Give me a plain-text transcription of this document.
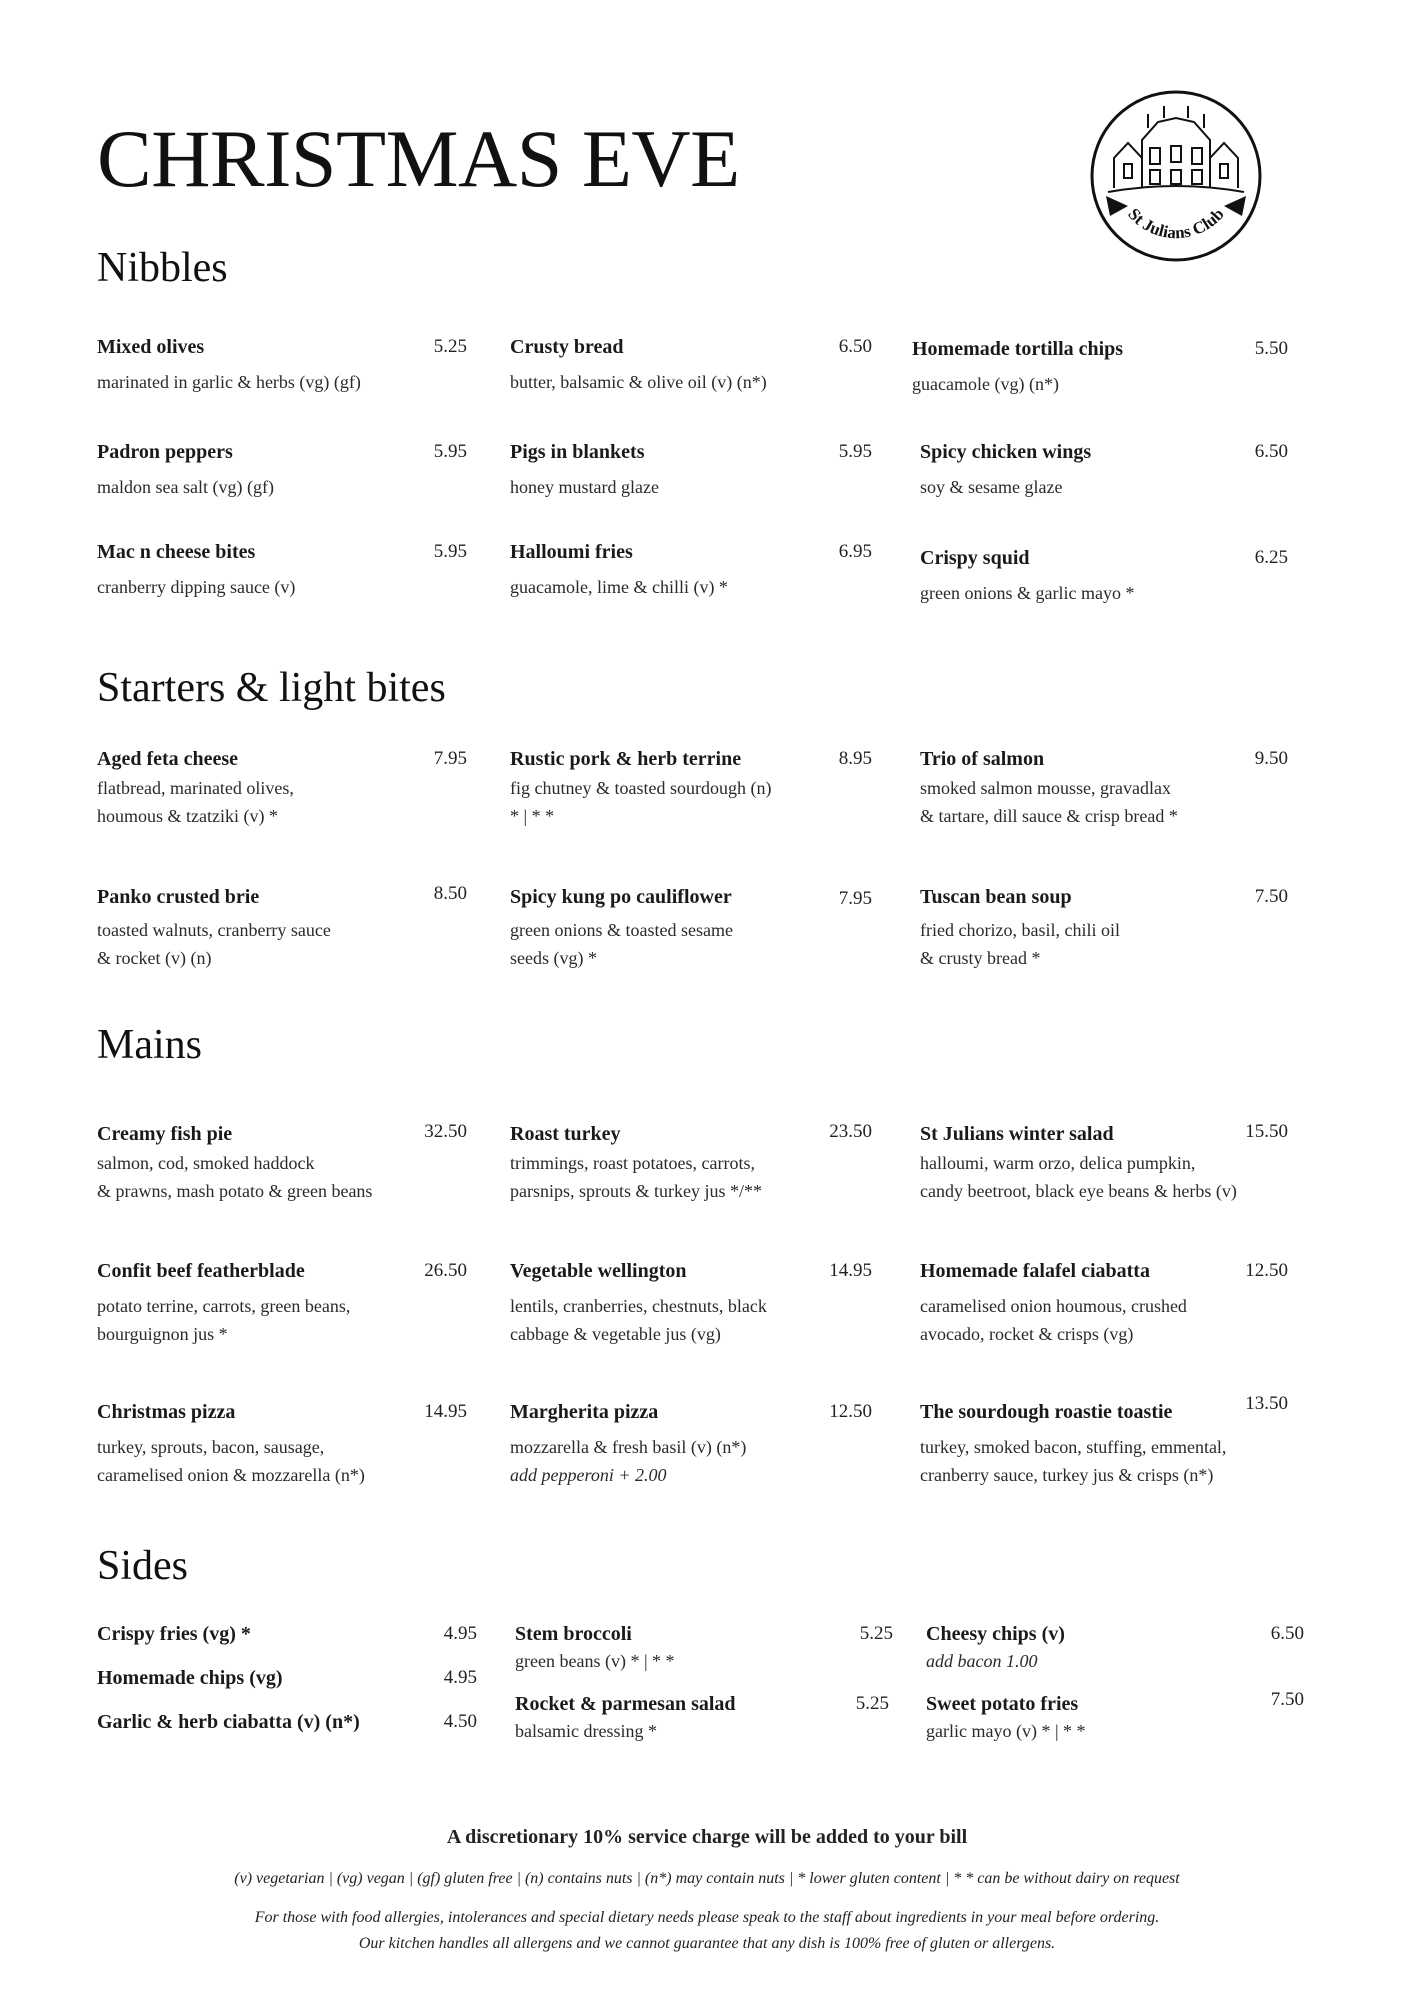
CHRISTMAS EVE
St Julians Club
Nibbles
Starters & light bites
Mains
Sides
Mixed olives	5.25
marinated in garlic & herbs (vg) (gf)
Crusty bread	6.50
butter, balsamic & olive oil (v) (n*)
Homemade tortilla chips	5.50
guacamole (vg) (n*)
Padron peppers	5.95
maldon sea salt (vg) (gf)
Pigs in blankets	5.95
honey mustard glaze
Spicy chicken wings	6.50
soy & sesame glaze
Mac n cheese bites	5.95
cranberry dipping sauce (v)
Halloumi fries	6.95
guacamole, lime & chilli (v) *
Crispy squid	6.25
green onions & garlic mayo *
Aged feta cheese	7.95
flatbread, marinated olives,
houmous & tzatziki (v) *
Rustic pork & herb terrine	8.95
fig chutney & toasted sourdough (n)
* | * *
Trio of salmon	9.50
smoked salmon mousse, gravadlax
& tartare, dill sauce & crisp bread *
Panko crusted brie	8.50
toasted walnuts, cranberry sauce
& rocket (v) (n)
Spicy kung po cauliflower	7.95
green onions & toasted sesame
seeds (vg) *
Tuscan bean soup	7.50
fried chorizo, basil, chili oil
& crusty bread *
Creamy fish pie	32.50
salmon, cod, smoked haddock
& prawns, mash potato & green beans
Roast turkey	23.50
trimmings, roast potatoes, carrots,
parsnips, sprouts & turkey jus */**
St Julians winter salad	15.50
halloumi, warm orzo, delica pumpkin,
candy beetroot, black eye beans & herbs (v)
Confit beef featherblade	26.50
potato terrine, carrots, green beans,
bourguignon jus *
Vegetable wellington	14.95
lentils, cranberries, chestnuts, black
cabbage & vegetable jus (vg)
Homemade falafel ciabatta	12.50
caramelised onion houmous, crushed
avocado, rocket & crisps (vg)
Christmas pizza	14.95
turkey, sprouts, bacon, sausage,
caramelised onion & mozzarella (n*)
Margherita pizza	12.50
mozzarella & fresh basil (v) (n*)
add pepperoni + 2.00
The sourdough roastie toastie	13.50
turkey, smoked bacon, stuffing, emmental,
cranberry sauce, turkey jus & crisps (n*)
Crispy fries (vg) *	4.95
Homemade chips (vg)	4.95
Garlic & herb ciabatta (v) (n*)	4.50
Stem broccoli	5.25
green beans (v) * | * *
Rocket & parmesan salad	5.25
balsamic dressing *
Cheesy chips (v)	6.50
add bacon 1.00
Sweet potato fries	7.50
garlic mayo (v) * | * *
A discretionary 10% service charge will be added to your bill
(v) vegetarian | (vg) vegan | (gf) gluten free | (n) contains nuts | (n*) may contain nuts | * lower gluten content | * * can be without dairy on request
For those with food allergies, intolerances and special dietary needs please speak to the staff about ingredients in your meal before ordering.
Our kitchen handles all allergens and we cannot guarantee that any dish is 100% free of gluten or allergens.
